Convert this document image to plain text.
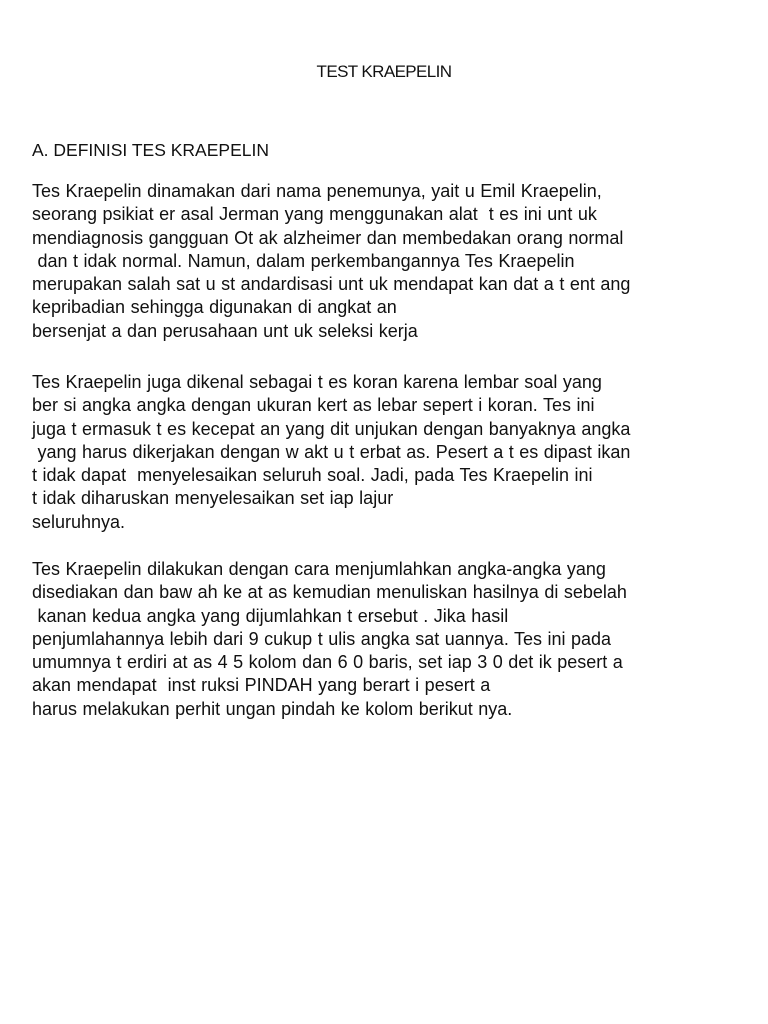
TEST KRAEPELIN
A. DEFINISI TES KRAEPELIN
Tes Kraepelin dinamakan dari nama penemunya, yait u Emil Kraepelin,
seorang psikiat er asal Jerman yang menggunakan alat  t es ini unt uk
mendiagnosis gangguan Ot ak alzheimer dan membedakan orang normal
dan t idak normal. Namun, dalam perkembangannya Tes Kraepelin
merupakan salah sat u st andardisasi unt uk mendapat kan dat a t ent ang
kepribadian sehingga digunakan di angkat an
bersenjat a dan perusahaan unt uk seleksi kerja
Tes Kraepelin juga dikenal sebagai t es koran karena lembar soal yang
ber si angka angka dengan ukuran kert as lebar sepert i koran. Tes ini
juga t ermasuk t es kecepat an yang dit unjukan dengan banyaknya angka
yang harus dikerjakan dengan w akt u t erbat as. Pesert a t es dipast ikan
t idak dapat  menyelesaikan seluruh soal. Jadi, pada Tes Kraepelin ini
t idak diharuskan menyelesaikan set iap lajur
seluruhnya.
Tes Kraepelin dilakukan dengan cara menjumlahkan angka-angka yang
disediakan dan baw ah ke at as kemudian menuliskan hasilnya di sebelah
kanan kedua angka yang dijumlahkan t ersebut . Jika hasil
penjumlahannya lebih dari 9 cukup t ulis angka sat uannya. Tes ini pada
umumnya t erdiri at as 4 5 kolom dan 6 0 baris, set iap 3 0 det ik pesert a
akan mendapat  inst ruksi PINDAH yang berart i pesert a
harus melakukan perhit ungan pindah ke kolom berikut nya.
